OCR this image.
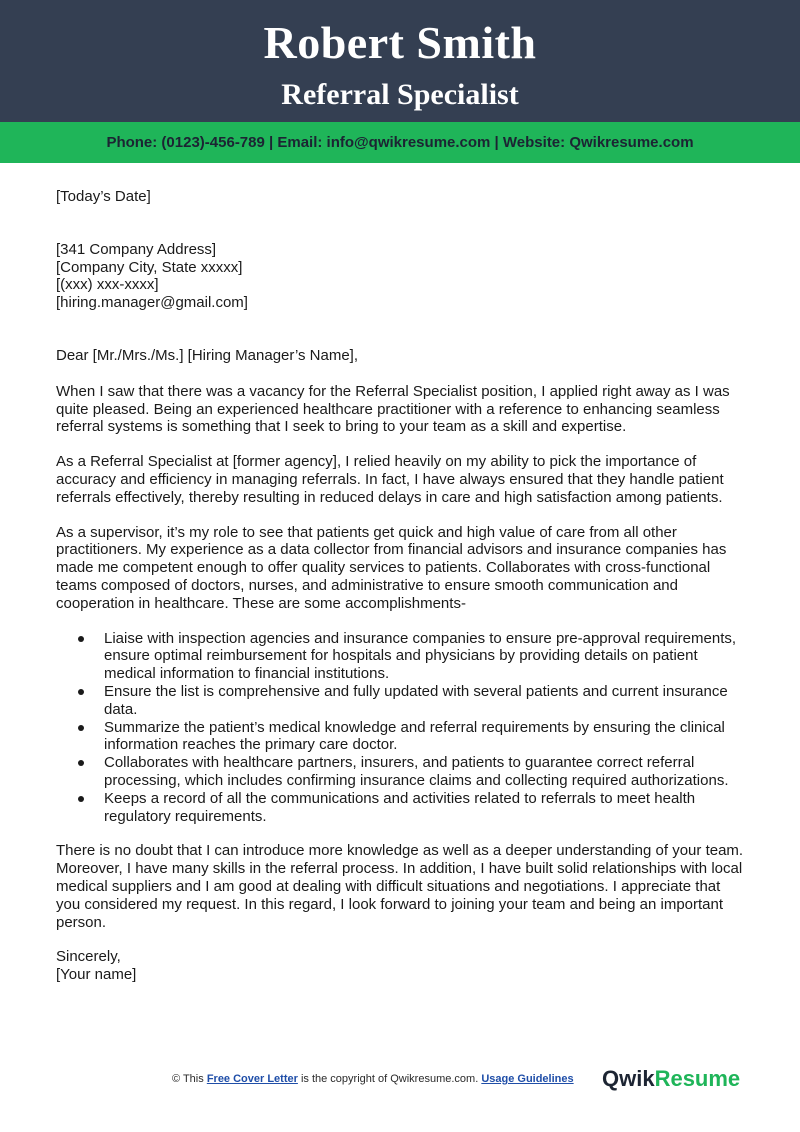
Robert Smith
Referral Specialist
Phone: (0123)-456-789 | Email: info@qwikresume.com | Website: Qwikresume.com

[Today’s Date]

[341 Company Address]

[Company City, State xxxxx]

[(xxx) xxx-xxxx]

[hiring.manager@gmail.com]

Dear [Mr./Mrs./Ms.] [Hiring Manager’s Name],

When I saw that there was a vacancy for the Referral Specialist position, I applied right away as I was quite pleased. Being an experienced healthcare practitioner with a reference to enhancing seamless referral systems is something that I seek to bring to your team as a skill and expertise.

As a Referral Specialist at [former agency], I relied heavily on my ability to pick the importance of accuracy and efficiency in managing referrals. In fact, I have always ensured that they handle patient referrals effectively, thereby resulting in reduced delays in care and high satisfaction among patients.

As a supervisor, it’s my role to see that patients get quick and high value of care from all other practitioners. My experience as a data collector from financial advisors and insurance companies has made me competent enough to offer quality services to patients. Collaborates with cross-functional teams composed of doctors, nurses, and administrative to ensure smooth communication and cooperation in healthcare. These are some accomplishments-

Liaise with inspection agencies and insurance companies to ensure pre-approval requirements, ensure optimal reimbursement for hospitals and physicians by providing details on patient medical information to financial institutions.
Ensure the list is comprehensive and fully updated with several patients and current insurance data.
Summarize the patient’s medical knowledge and referral requirements by ensuring the clinical information reaches the primary care doctor.
Collaborates with healthcare partners, insurers, and patients to guarantee correct referral processing, which includes confirming insurance claims and collecting required authorizations.
Keeps a record of all the communications and activities related to referrals to meet health regulatory requirements.

There is no doubt that I can introduce more knowledge as well as a deeper understanding of your team. Moreover, I have many skills in the referral process. In addition, I have built solid relationships with local medical suppliers and I am good at dealing with difficult situations and negotiations. I appreciate that you considered my request. In this regard, I look forward to joining your team and being an important person.

Sincerely,

[Your name]

© This Free Cover Letter is the copyright of Qwikresume.com. Usage Guidelines QwikResume
